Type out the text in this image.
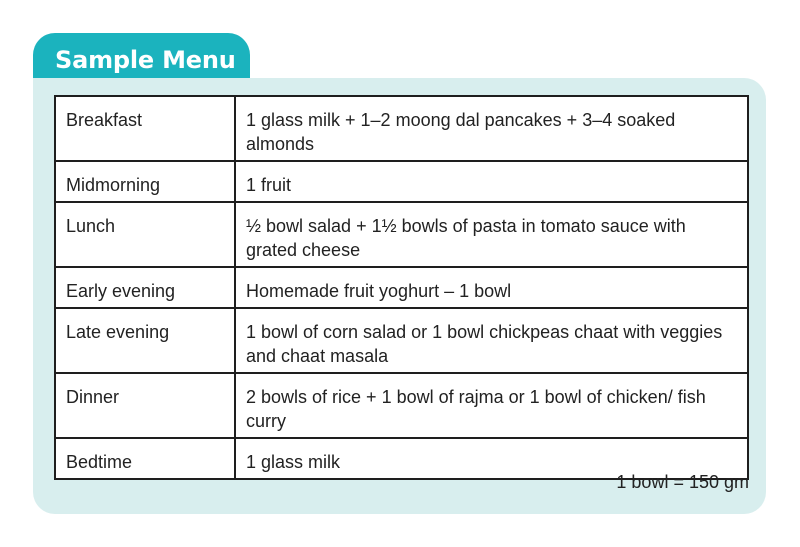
Sample Menu
Breakfast	1 glass milk + 1–2 moong dal pancakes + 3–4 soaked almonds
Midmorning	1 fruit
Lunch	½ bowl salad + 1½ bowls of pasta in tomato sauce with grated cheese
Early evening	Homemade fruit yoghurt – 1 bowl
Late evening	1 bowl of corn salad or 1 bowl chickpeas chaat with veggies and chaat masala
Dinner	2 bowls of rice + 1 bowl of rajma or 1 bowl of chicken/ fish curry
Bedtime	1 glass milk
1 bowl = 150 gm
